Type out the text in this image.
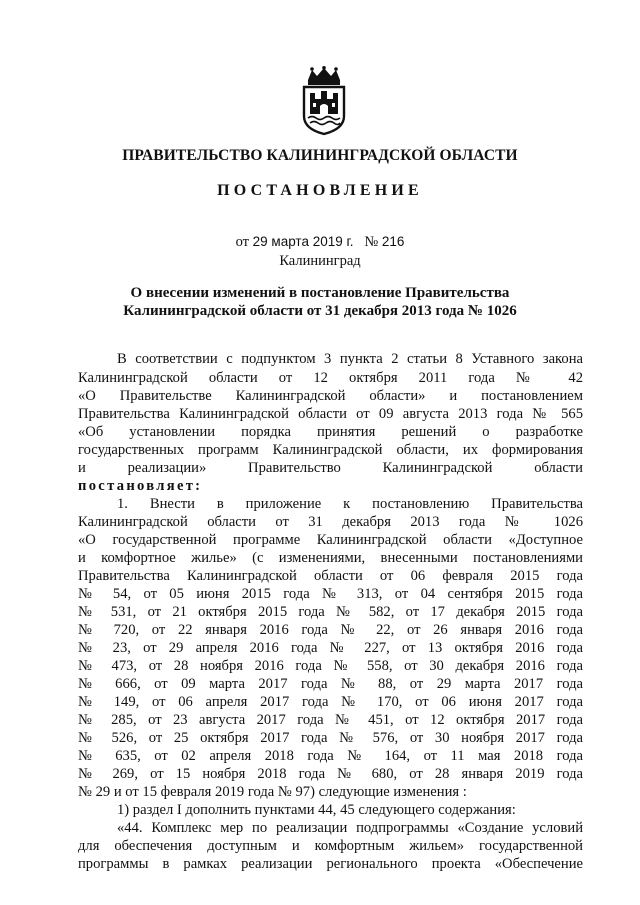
ПРАВИТЕЛЬСТВО КАЛИНИНГРАДСКОЙ ОБЛАСТИ
ПОСТАНОВЛЕНИЕ
от 29 марта 2019 г. № 216
Калининград
О внесении изменений в постановление Правительства
Калининградской области от 31 декабря 2013 года № 1026
В соответствии с подпунктом 3 пункта 2 статьи 8 Уставного закона
Калининградской области от 12 октября 2011 года № 42
«О Правительстве Калининградской области» и постановлением
Правительства Калининградской области от 09 августа 2013 года № 565
«Об установлении порядка принятия решений о разработке
государственных программ Калининградской области, их формирования
и реализации» Правительство Калининградской области
постановляет:
1. Внести в приложение к постановлению Правительства
Калининградской области от 31 декабря 2013 года № 1026
«О государственной программе Калининградской области «Доступное
и комфортное жилье» (с изменениями, внесенными постановлениями
Правительства Калининградской области от 06 февраля 2015 года
№ 54, от 05 июня 2015 года № 313, от 04 сентября 2015 года
№ 531, от 21 октября 2015 года № 582, от 17 декабря 2015 года
№ 720, от 22 января 2016 года № 22, от 26 января 2016 года
№ 23, от 29 апреля 2016 года № 227, от 13 октября 2016 года
№ 473, от 28 ноября 2016 года № 558, от 30 декабря 2016 года
№ 666, от 09 марта 2017 года № 88, от 29 марта 2017 года
№ 149, от 06 апреля 2017 года № 170, от 06 июня 2017 года
№ 285, от 23 августа 2017 года № 451, от 12 октября 2017 года
№ 526, от 25 октября 2017 года № 576, от 30 ноября 2017 года
№ 635, от 02 апреля 2018 года № 164, от 11 мая 2018 года
№ 269, от 15 ноября 2018 года № 680, от 28 января 2019 года
№ 29 и от 15 февраля 2019 года № 97) следующие изменения :
1) раздел I дополнить пунктами 44, 45 следующего содержания:
«44. Комплекс мер по реализации подпрограммы «Создание условий
для обеспечения доступным и комфортным жильем» государственной
программы в рамках реализации регионального проекта «Обеспечение
